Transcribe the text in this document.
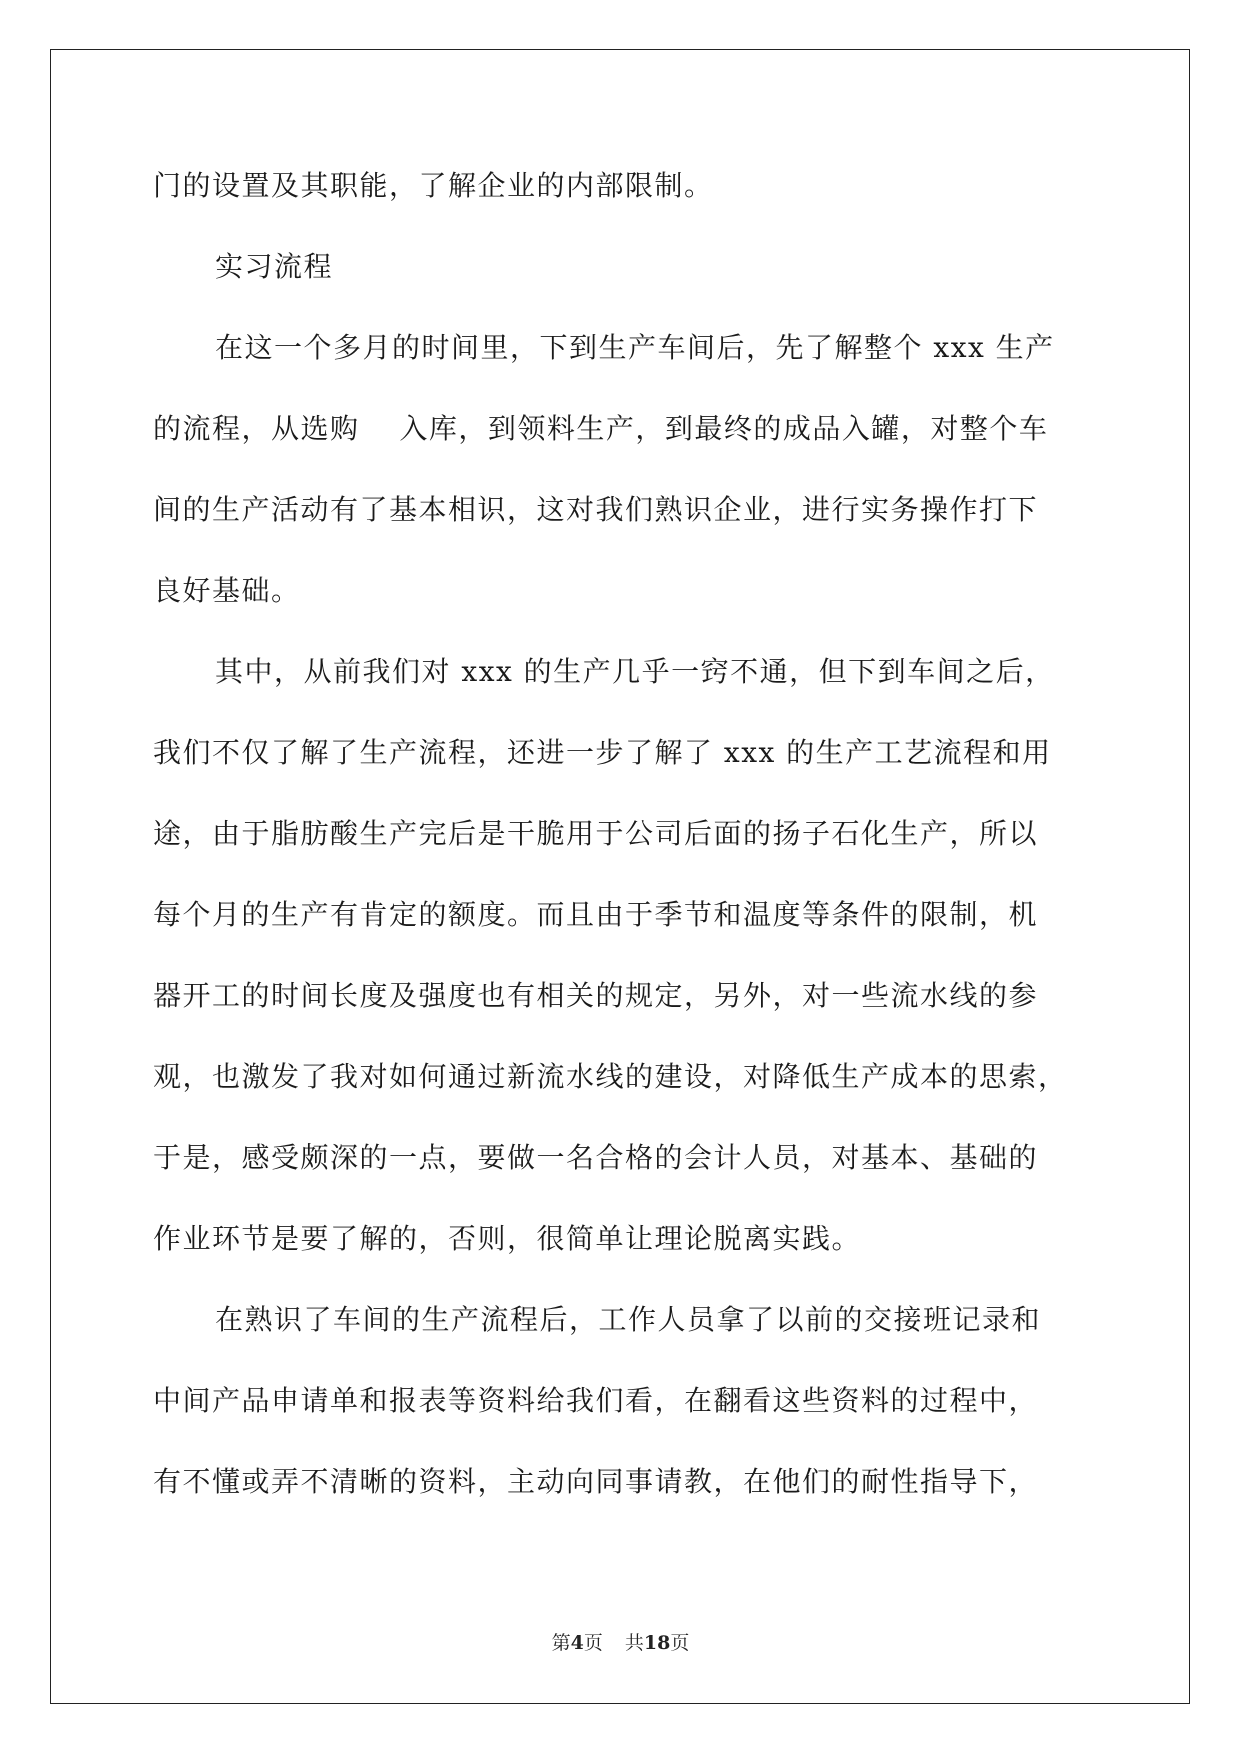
门的设置及其职能，了解企业的内部限制。
实习流程
在这一个多月的时间里，下到生产车间后，先了解整个 xxx 生产
的流程，从选购　 入库，到领料生产，到最终的成品入罐，对整个车
间的生产活动有了基本相识，这对我们熟识企业，进行实务操作打下
良好基础。
其中，从前我们对 xxx 的生产几乎一窍不通，但下到车间之后，
我们不仅了解了生产流程，还进一步了解了 xxx 的生产工艺流程和用
途，由于脂肪酸生产完后是干脆用于公司后面的扬子石化生产，所以
每个月的生产有肯定的额度。而且由于季节和温度等条件的限制，机
器开工的时间长度及强度也有相关的规定，另外，对一些流水线的参
观，也激发了我对如何通过新流水线的建设，对降低生产成本的思索，
于是，感受颇深的一点，要做一名合格的会计人员，对基本、基础的
作业环节是要了解的，否则，很简单让理论脱离实践。
在熟识了车间的生产流程后，工作人员拿了以前的交接班记录和
中间产品申请单和报表等资料给我们看，在翻看这些资料的过程中，
有不懂或弄不清晰的资料，主动向同事请教，在他们的耐性指导下，
第4页 共18页
